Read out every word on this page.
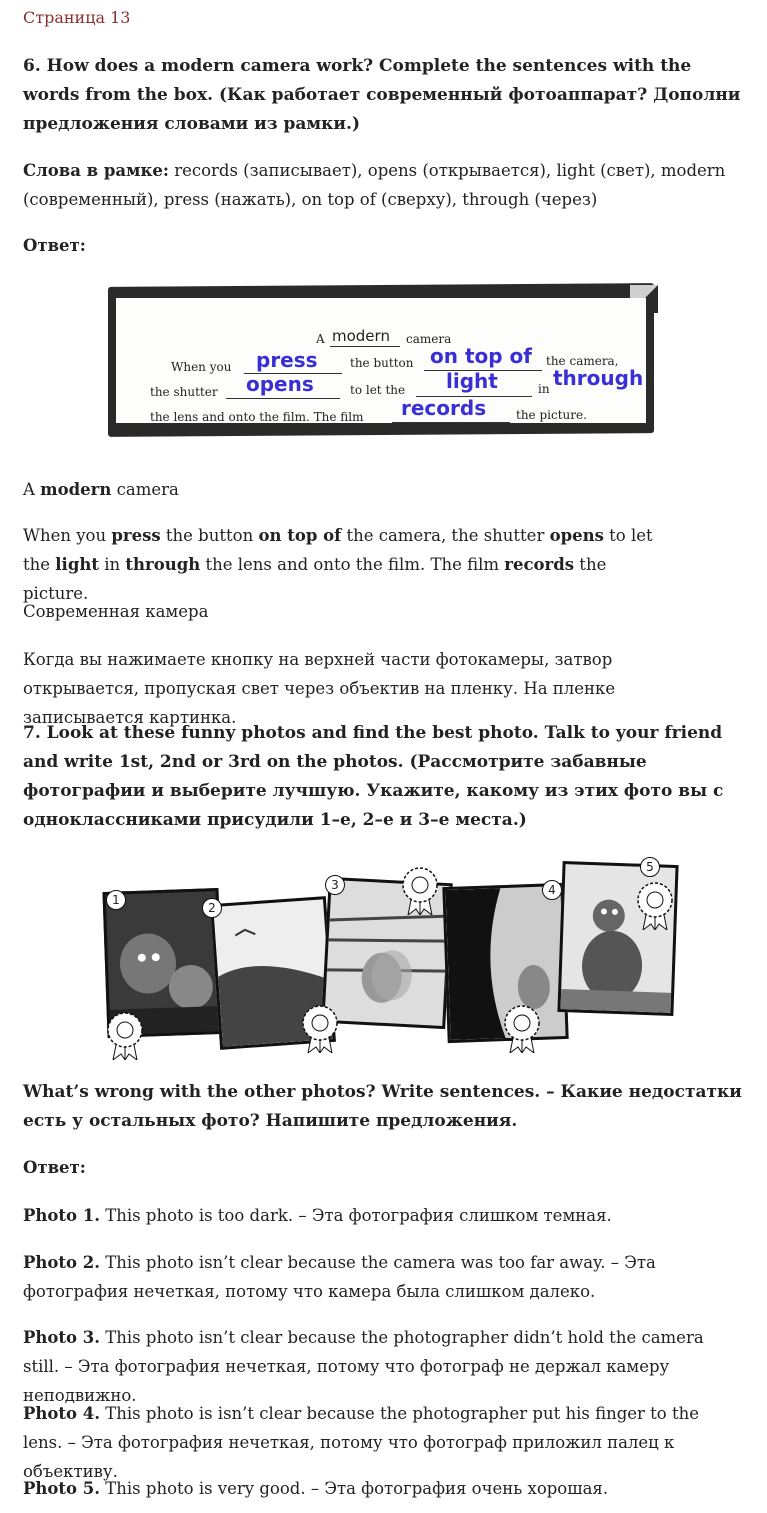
Страница 13
6. How does a modern camera work? Complete the sentences with the words from the box. (Как работает современный фотоаппарат? Дополни предложения словами из рамки.)
Слова в рамке: records (записывает), opens (открывается), light (свет), modern (современный), press (нажать), on top of (сверху), through (через)
Ответ:
A modern camera
When you press	the button on top of the camera,
the shutter opens	to let the light	in through
the lens and onto the film. The film records the picture.
A modern camera
When you press the button on top of the camera, the shutter opens to let
the light in through the lens and onto the film. The film records the picture.
Современная камера
Когда вы нажимаете кнопку на верхней части фотокамеры, затвор открывается, пропуская свет через объектив на пленку. На пленке записывается картинка.
7. Look at these funny photos and find the best photo. Talk to your friend and write 1st, 2nd or 3rd on the photos. (Рассмотрите забавные фотографии и выберите лучшую. Укажите, какому из этих фото вы с одноклассниками присудили 1–е, 2–е и 3–е места.)
1
2
3	4
5
What’s wrong with the other photos? Write sentences. – Какие недостатки есть у остальных фото? Напишите предложения.
Ответ:
Photo 1. This photo is too dark. – Эта фотография слишком темная.
Photo 2. This photo isn’t clear because the camera was too far away. – Эта фотография нечеткая, потому что камера была слишком далеко.
Photo 3. This photo isn’t clear because the photographer didn’t hold the camera still. – Эта фотография нечеткая, потому что фотограф не держал камеру неподвижно.
Photo 4. This photo is isn’t clear because the photographer put his finger to the lens. – Эта фотография нечеткая, потому что фотограф приложил палец к объективу.
Photo 5. This photo is very good. – Эта фотография очень хорошая.
